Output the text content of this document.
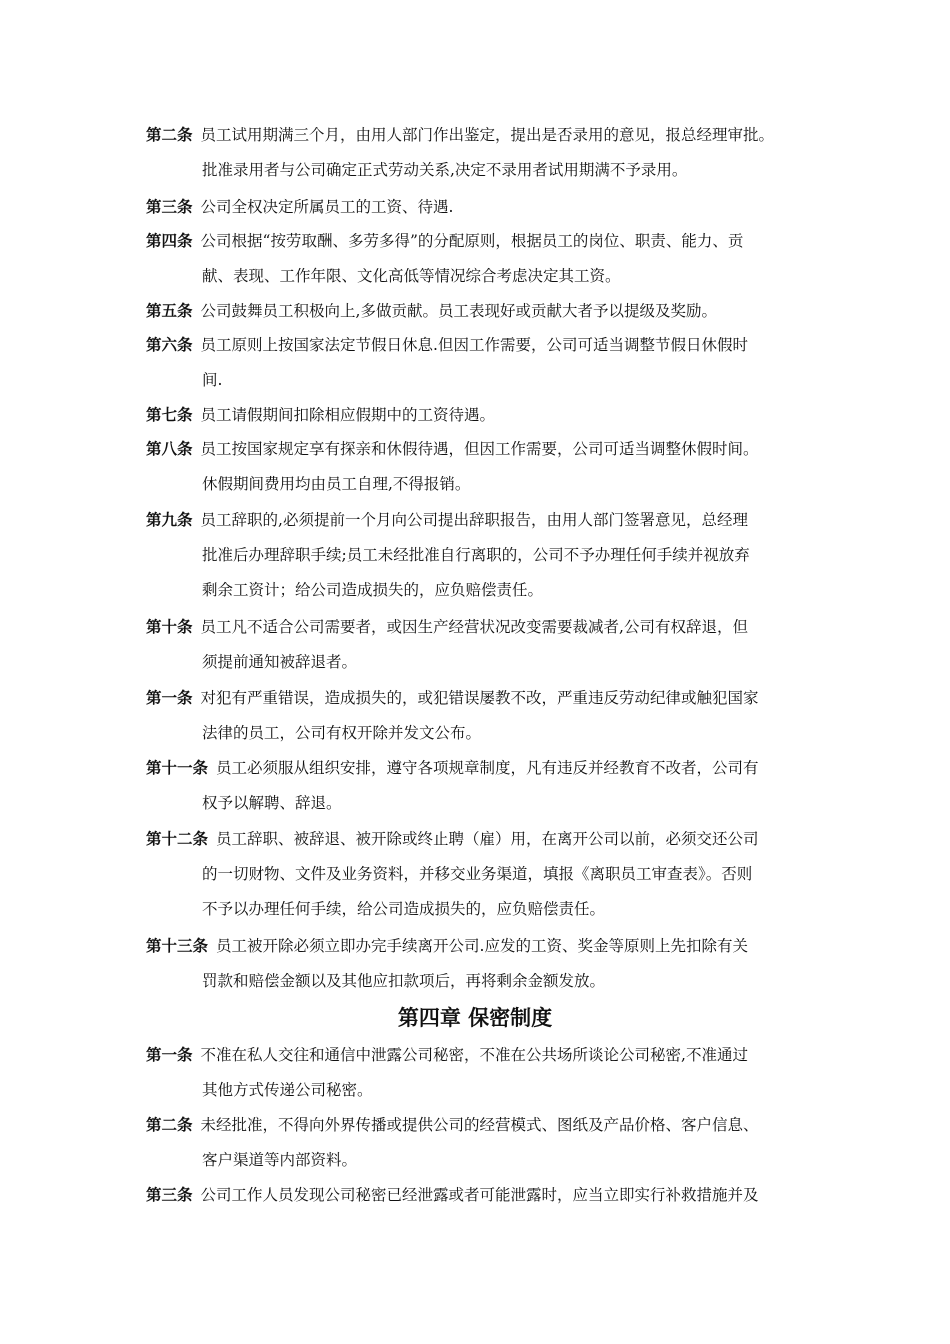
第二条 员工试用期满三个月，由用人部门作出鉴定，提出是否录用的意见，报总经理审批。
批准录用者与公司确定正式劳动关系,决定不录用者试用期满不予录用。
第三条 公司全权决定所属员工的工资、待遇.
第四条 公司根据“按劳取酬、多劳多得”的分配原则，根据员工的岗位、职责、能力、贡
献、表现、工作年限、文化高低等情况综合考虑决定其工资。
第五条 公司鼓舞员工积极向上,多做贡献。员工表现好或贡献大者予以提级及奖励。
第六条 员工原则上按国家法定节假日休息.但因工作需要，公司可适当调整节假日休假时
间.
第七条 员工请假期间扣除相应假期中的工资待遇。
第八条 员工按国家规定享有探亲和休假待遇，但因工作需要，公司可适当调整休假时间。
休假期间费用均由员工自理,不得报销。
第九条 员工辞职的,必须提前一个月向公司提出辞职报告，由用人部门签署意见，总经理
批准后办理辞职手续;员工未经批准自行离职的，公司不予办理任何手续并视放弃
剩余工资计；给公司造成损失的，应负赔偿责任。
第十条 员工凡不适合公司需要者，或因生产经营状况改变需要裁减者,公司有权辞退，但
须提前通知被辞退者。
第一条 对犯有严重错误，造成损失的，或犯错误屡教不改，严重违反劳动纪律或触犯国家
法律的员工，公司有权开除并发文公布。
第十一条 员工必须服从组织安排，遵守各项规章制度，凡有违反并经教育不改者，公司有
权予以解聘、辞退。
第十二条 员工辞职、被辞退、被开除或终止聘（雇）用，在离开公司以前，必须交还公司
的一切财物、文件及业务资料，并移交业务渠道，填报《离职员工审查表》。否则
不予以办理任何手续，给公司造成损失的，应负赔偿责任。
第十三条 员工被开除必须立即办完手续离开公司.应发的工资、奖金等原则上先扣除有关
罚款和赔偿金额以及其他应扣款项后，再将剩余金额发放。
第四章 保密制度
第一条 不准在私人交往和通信中泄露公司秘密，不准在公共场所谈论公司秘密,不准通过
其他方式传递公司秘密。
第二条 未经批准，不得向外界传播或提供公司的经营模式、图纸及产品价格、客户信息、
客户渠道等内部资料。
第三条 公司工作人员发现公司秘密已经泄露或者可能泄露时，应当立即实行补救措施并及
